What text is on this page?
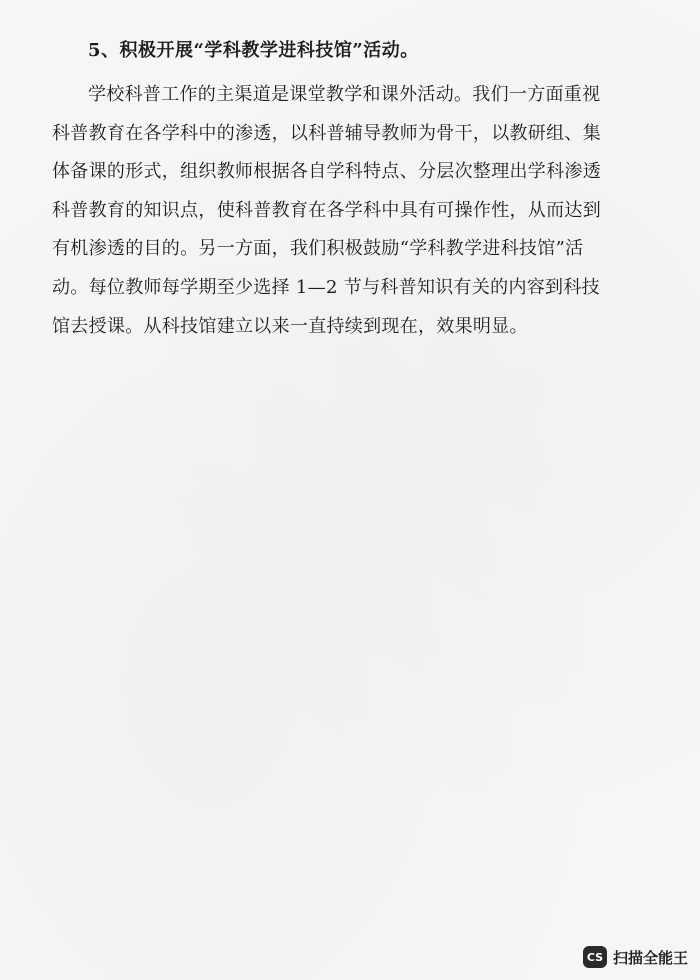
5、积极开展“学科教学进科技馆”活动。

学校科普工作的主渠道是课堂教学和课外活动。我们一方面重视
科普教育在各学科中的渗透，以科普辅导教师为骨干，以教研组、集
体备课的形式，组织教师根据各自学科特点、分层次整理出学科渗透
科普教育的知识点，使科普教育在各学科中具有可操作性，从而达到
有机渗透的目的。另一方面，我们积极鼓励“学科教学进科技馆”活
动。每位教师每学期至少选择 1—2 节与科普知识有关的内容到科技
馆去授课。从科技馆建立以来一直持续到现在，效果明显。

CS 扫描全能王
